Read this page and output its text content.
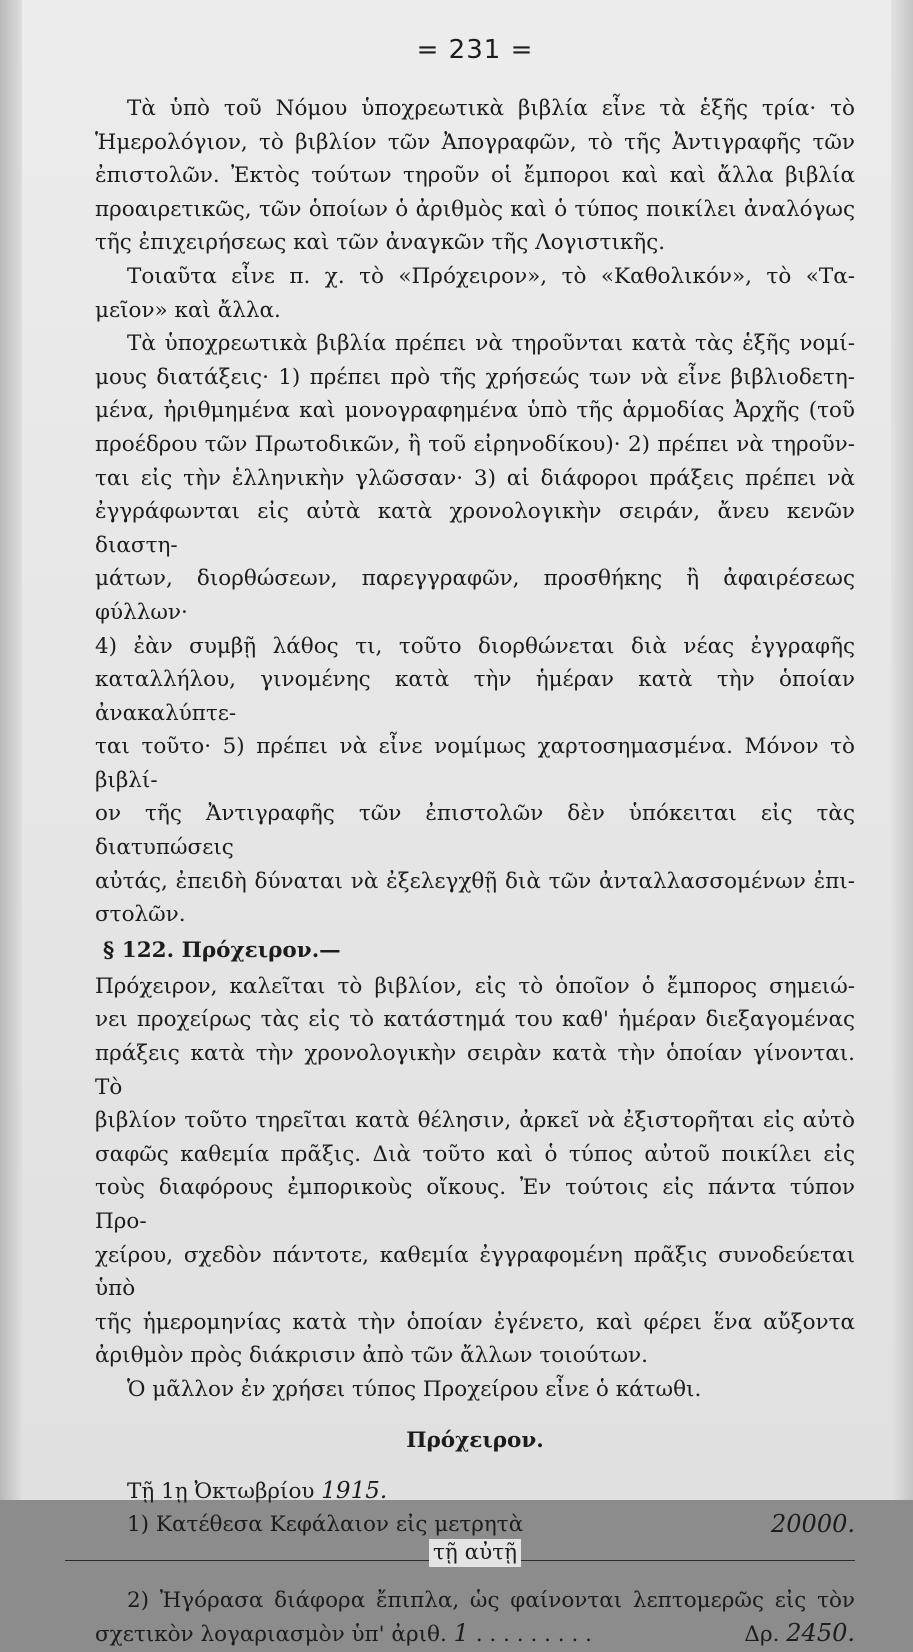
= 231 =
Τὰ ὑπὸ τοῦ Νόμου ὑποχρεωτικὰ βιβλία εἶνε τὰ ἑξῆς τρία· τὸ
Ἡμερολόγιον, τὸ βιβλίον τῶν Ἀπογραφῶν, τὸ τῆς Ἀντιγραφῆς τῶν
ἐπιστολῶν. Ἐκτὸς τούτων τηροῦν οἱ ἔμποροι καὶ καὶ ἄλλα βιβλία
προαιρετικῶς, τῶν ὁποίων ὁ ἀριθμὸς καὶ ὁ τύπος ποικίλει ἀναλόγως
τῆς ἐπιχειρήσεως καὶ τῶν ἀναγκῶν τῆς Λογιστικῆς.
Τοιαῦτα εἶνε π. χ. τὸ «Πρόχειρον», τὸ «Καθολικόν», τὸ «Τα-
μεῖον» καὶ ἄλλα.
Τὰ ὑποχρεωτικὰ βιβλία πρέπει νὰ τηροῦνται κατὰ τὰς ἑξῆς νομί-
μους διατάξεις· 1) πρέπει πρὸ τῆς χρήσεώς των νὰ εἶνε βιβλιοδετη-
μένα, ἠριθμημένα καὶ μονογραφημένα ὑπὸ τῆς ἁρμοδίας Ἀρχῆς (τοῦ
προέδρου τῶν Πρωτοδικῶν, ἢ τοῦ εἰρηνοδίκου)· 2) πρέπει νὰ τηροῦν-
ται εἰς τὴν ἑλληνικὴν γλῶσσαν· 3) αἱ διάφοροι πράξεις πρέπει νὰ
ἐγγράφωνται εἰς αὐτὰ κατὰ χρονολογικὴν σειράν, ἄνευ κενῶν διαστη-
μάτων, διορθώσεων, παρεγγραφῶν, προσθήκης ἢ ἀφαιρέσεως φύλλων·
4) ἐὰν συμβῇ λάθος τι, τοῦτο διορθώνεται διὰ νέας ἐγγραφῆς
καταλλήλου, γινομένης κατὰ τὴν ἡμέραν κατὰ τὴν ὁποίαν ἀνακαλύπτε-
ται τοῦτο· 5) πρέπει νὰ εἶνε νομίμως χαρτοσημασμένα. Μόνον τὸ βιβλί-
ον τῆς Ἀντιγραφῆς τῶν ἐπιστολῶν δὲν ὑπόκειται εἰς τὰς διατυπώσεις
αὐτάς, ἐπειδὴ δύναται νὰ ἐξελεγχθῇ διὰ τῶν ἀνταλλασσομένων ἐπι-
στολῶν.
§ 122. Πρόχειρον.—
Πρόχειρον, καλεῖται τὸ βιβλίον, εἰς τὸ ὁποῖον ὁ ἔμπορος σημειώ-
νει προχείρως τὰς εἰς τὸ κατάστημά του καθ' ἡμέραν διεξαγομένας
πράξεις κατὰ τὴν χρονολογικὴν σειρὰν κατὰ τὴν ὁποίαν γίνονται. Τὸ
βιβλίον τοῦτο τηρεῖται κατὰ θέλησιν, ἀρκεῖ νὰ ἐξιστορῆται εἰς αὐτὸ
σαφῶς καθεμία πρᾶξις. Διὰ τοῦτο καὶ ὁ τύπος αὐτοῦ ποικίλει εἰς
τοὺς διαφόρους ἐμπορικοὺς οἴκους. Ἐν τούτοις εἰς πάντα τύπον Προ-
χείρου, σχεδὸν πάντοτε, καθεμία ἐγγραφομένη πρᾶξις συνοδεύεται ὑπὸ
τῆς ἡμερομηνίας κατὰ τὴν ὁποίαν ἐγένετο, καὶ φέρει ἕνα αὔξοντα
ἀριθμὸν πρὸς διάκρισιν ἀπὸ τῶν ἄλλων τοιούτων.
Ὁ μᾶλλον ἐν χρήσει τύπος Προχείρου εἶνε ὁ κάτωθι.
Πρόχειρον.
Τῇ 1ῃ Ὀκτωβρίου 1915.
1) Κατέθεσα Κεφάλαιον εἰς μετρητὰ	20000.
τῇ αὐτῇ
2) Ἠγόρασα διάφορα ἔπιπλα, ὡς φαίνονται λεπτομερῶς εἰς τὸν
σχετικὸν λογαριασμὸν ὑπ' ἀριθ. 1 . . . . . . . . .	Δρ. 2450.
